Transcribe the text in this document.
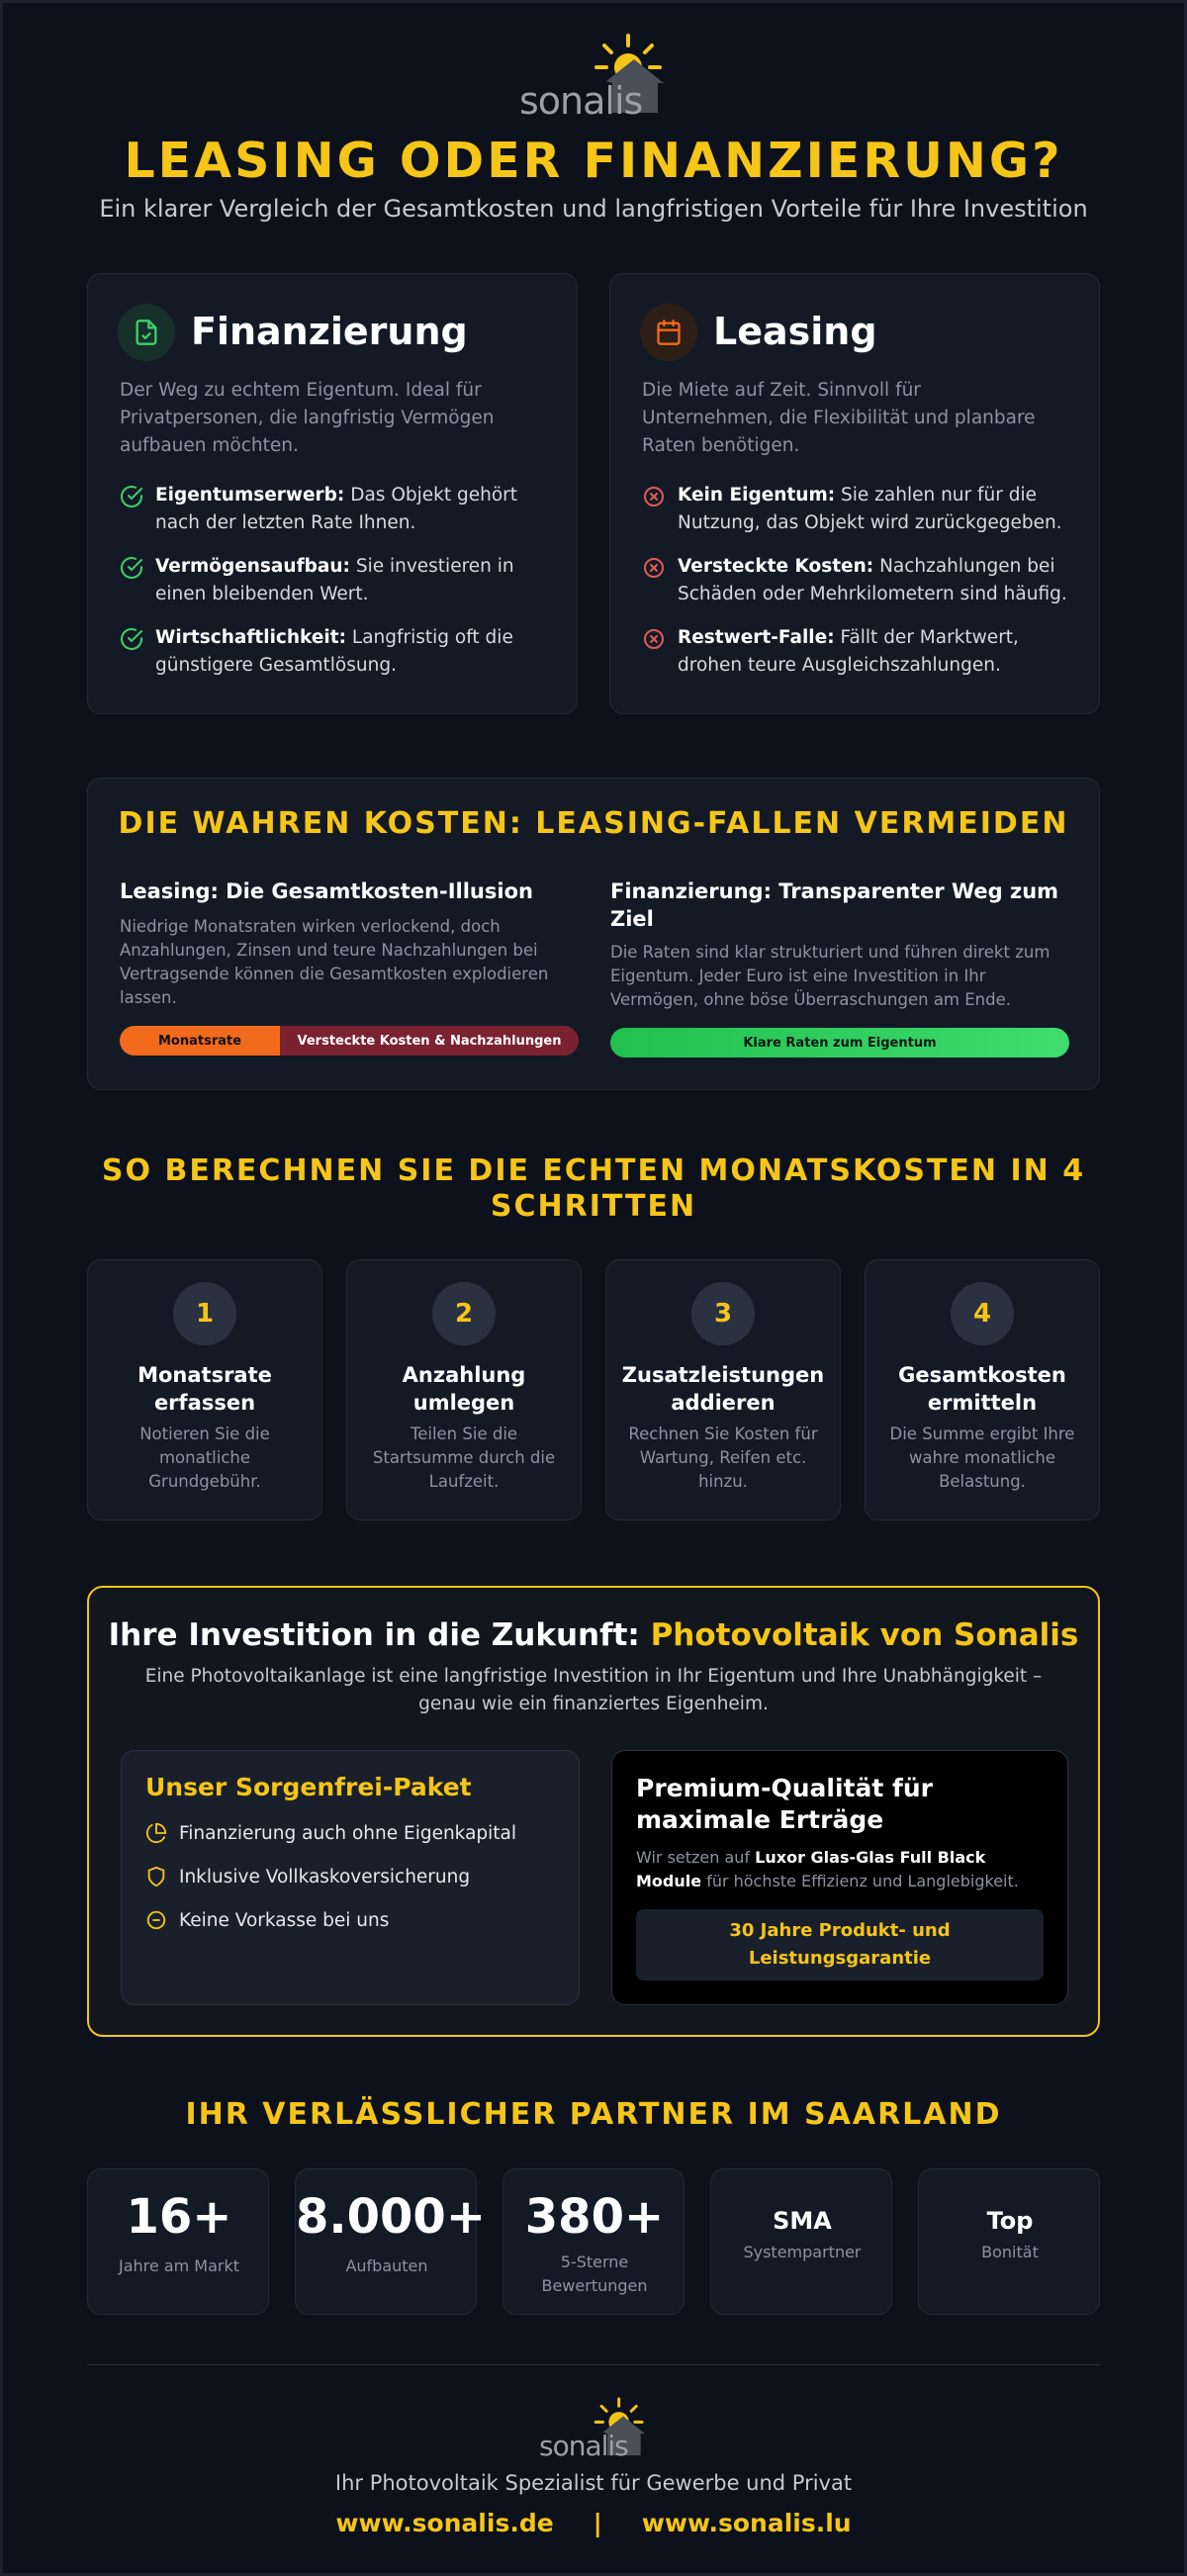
sonalis
LEASING ODER FINANZIERUNG?
Ein klarer Vergleich der Gesamtkosten und langfristigen Vorteile für Ihre Investition
Finanzierung
Der Weg zu echtem Eigentum. Ideal für Privatpersonen, die langfristig Vermögen aufbauen möchten.
Eigentumserwerb: Das Objekt gehört nach der letzten Rate Ihnen.
Vermögensaufbau: Sie investieren in einen bleibenden Wert.
Wirtschaftlichkeit: Langfristig oft die günstigere Gesamtlösung.
Leasing
Die Miete auf Zeit. Sinnvoll für Unternehmen, die Flexibilität und planbare Raten benötigen.
Kein Eigentum: Sie zahlen nur für die Nutzung, das Objekt wird zurückgegeben.
Versteckte Kosten: Nachzahlungen bei Schäden oder Mehrkilometern sind häufig.
Restwert-Falle: Fällt der Marktwert, drohen teure Ausgleichszahlungen.
DIE WAHREN KOSTEN: LEASING-FALLEN VERMEIDEN
Leasing: Die Gesamtkosten-Illusion
Niedrige Monatsraten wirken verlockend, doch Anzahlungen, Zinsen und teure Nachzahlungen bei Vertragsende können die Gesamtkosten explodieren lassen.
Monatsrate	Versteckte Kosten & Nachzahlungen
Finanzierung: Transparenter Weg zum Ziel
Die Raten sind klar strukturiert und führen direkt zum Eigentum. Jeder Euro ist eine Investition in Ihr Vermögen, ohne böse Überraschungen am Ende.
Klare Raten zum Eigentum
SO BERECHNEN SIE DIE ECHTEN MONATSKOSTEN IN 4 SCHRITTEN
1
Monatsrate erfassen
Notieren Sie die monatliche Grundgebühr.
2
Anzahlung umlegen
Teilen Sie die Startsumme durch die Laufzeit.
3
Zusatzleistungen addieren
Rechnen Sie Kosten für Wartung, Reifen etc. hinzu.
4
Gesamtkosten ermitteln
Die Summe ergibt Ihre wahre monatliche Belastung.
Ihre Investition in die Zukunft: Photovoltaik von Sonalis
Eine Photovoltaikanlage ist eine langfristige Investition in Ihr Eigentum und Ihre Unabhängigkeit – genau wie ein finanziertes Eigenheim.
Unser Sorgenfrei-Paket
Finanzierung auch ohne Eigenkapital
Inklusive Vollkaskoversicherung
Keine Vorkasse bei uns
Premium-Qualität für maximale Erträge
Wir setzen auf Luxor Glas-Glas Full Black Module für höchste Effizienz und Langlebigkeit.
30 Jahre Produkt- und Leistungsgarantie
IHR VERLÄSSLICHER PARTNER IM SAARLAND
16+
Jahre am Markt
8.000+
Aufbauten
380+
5-Sterne Bewertungen
SMA
Systempartner
Top
Bonität
sonalis
Ihr Photovoltaik Spezialist für Gewerbe und Privat
www.sonalis.de | www.sonalis.lu
